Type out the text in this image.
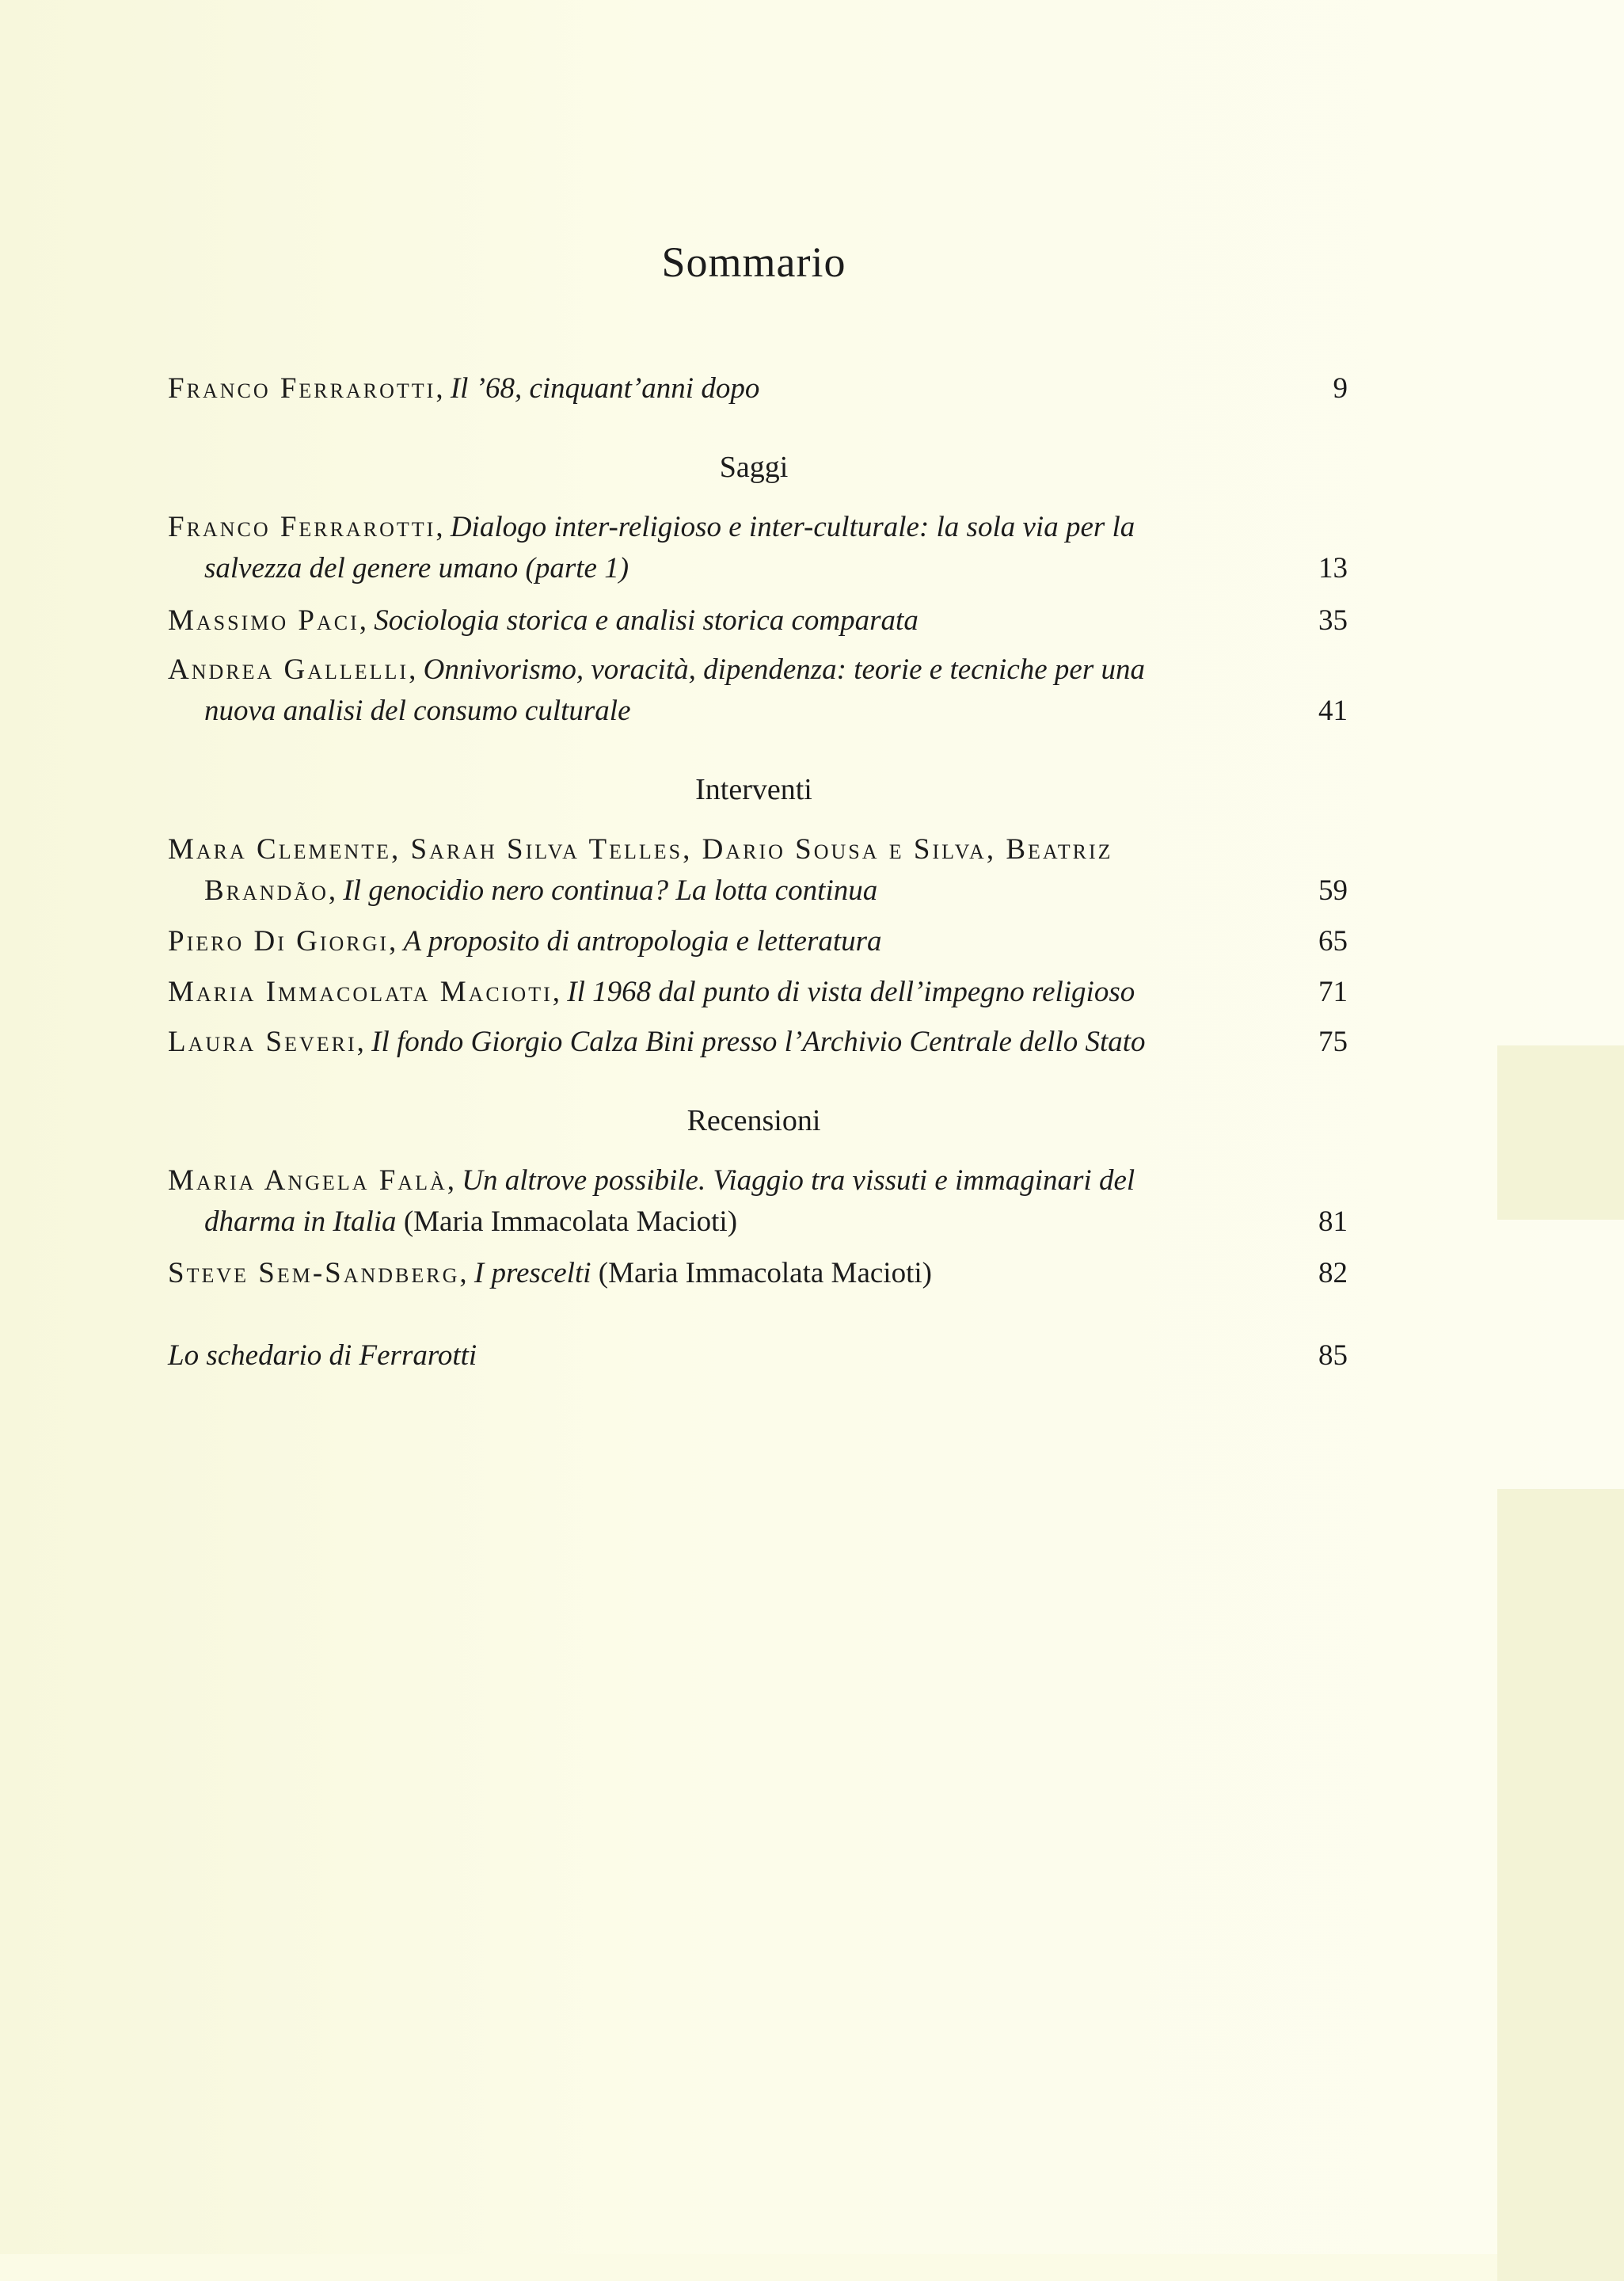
Sommario
Franco Ferrarotti, Il ’68, cinquant’anni dopo	9
Saggi
Franco Ferrarotti, Dialogo inter-religioso e inter-culturale: la sola via per la
salvezza del genere umano (parte 1)	13
Massimo Paci, Sociologia storica e analisi storica comparata	35
Andrea Gallelli, Onnivorismo, voracità, dipendenza: teorie e tecniche per una
nuova analisi del consumo culturale	41
Interventi
Mara Clemente, Sarah Silva Telles, Dario Sousa e Silva, Beatriz
Brandão, Il genocidio nero continua? La lotta continua	59
Piero Di Giorgi, A proposito di antropologia e letteratura	65
Maria Immacolata Macioti, Il 1968 dal punto di vista dell’impegno religioso	71
Laura Severi, Il fondo Giorgio Calza Bini presso l’Archivio Centrale dello Stato	75
Recensioni
Maria Angela Falà, Un altrove possibile. Viaggio tra vissuti e immaginari del
dharma in Italia (Maria Immacolata Macioti)	81
Steve Sem-Sandberg, I prescelti (Maria Immacolata Macioti)	82
Lo schedario di Ferrarotti	85
